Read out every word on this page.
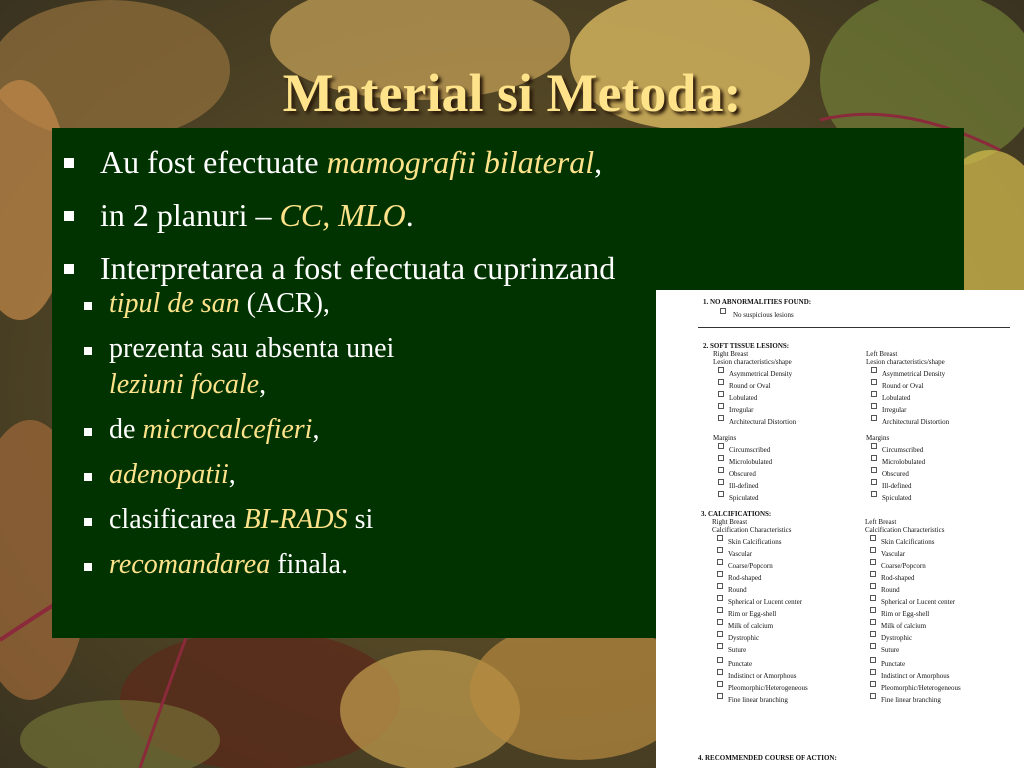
Material si Metoda:
Au fost efectuate mamografii bilateral,
in 2 planuri – CC, MLO.
Interpretarea a fost efectuata cuprinzand
tipul de san (ACR),
prezenta sau absenta unei
leziuni focale,
de microcalcefieri,
adenopatii,
clasificarea BI-RADS si
recomandarea finala.
1. NO ABNORMALITIES FOUND:
No suspicious lesions
2. SOFT TISSUE LESIONS:
Right Breast
Lesion characteristics/shape
Left Breast
Lesion characteristics/shape
Margins	Margins
3. CALCIFICATIONS:
Right Breast
Calcification Characteristics
Left Breast
Calcification Characteristics
4. RECOMMENDED COURSE OF ACTION:
Asymmetrical Density
Round or Oval
Lobulated
Irregular
Architectural Distortion
Asymmetrical Density
Round or Oval
Lobulated
Irregular
Architectural Distortion
Circumscribed
Microlobulated
Obscured
Ill-defined
Spiculated
Circumscribed
Microlobulated
Obscured
Ill-defined
Spiculated
Skin Calcifications
Vascular
Coarse/Popcorn
Rod-shaped
Round
Spherical or Lucent center
Rim or Egg-shell
Milk of calcium
Dystrophic
Suture
Skin Calcifications
Vascular
Coarse/Popcorn
Rod-shaped
Round
Spherical or Lucent center
Rim or Egg-shell
Milk of calcium
Dystrophic
Suture
Punctate
Indistinct or Amorphous
Pleomorphic/Heterogeneous
Fine linear branching
Punctate
Indistinct or Amorphous
Pleomorphic/Heterogeneous
Fine linear branching
